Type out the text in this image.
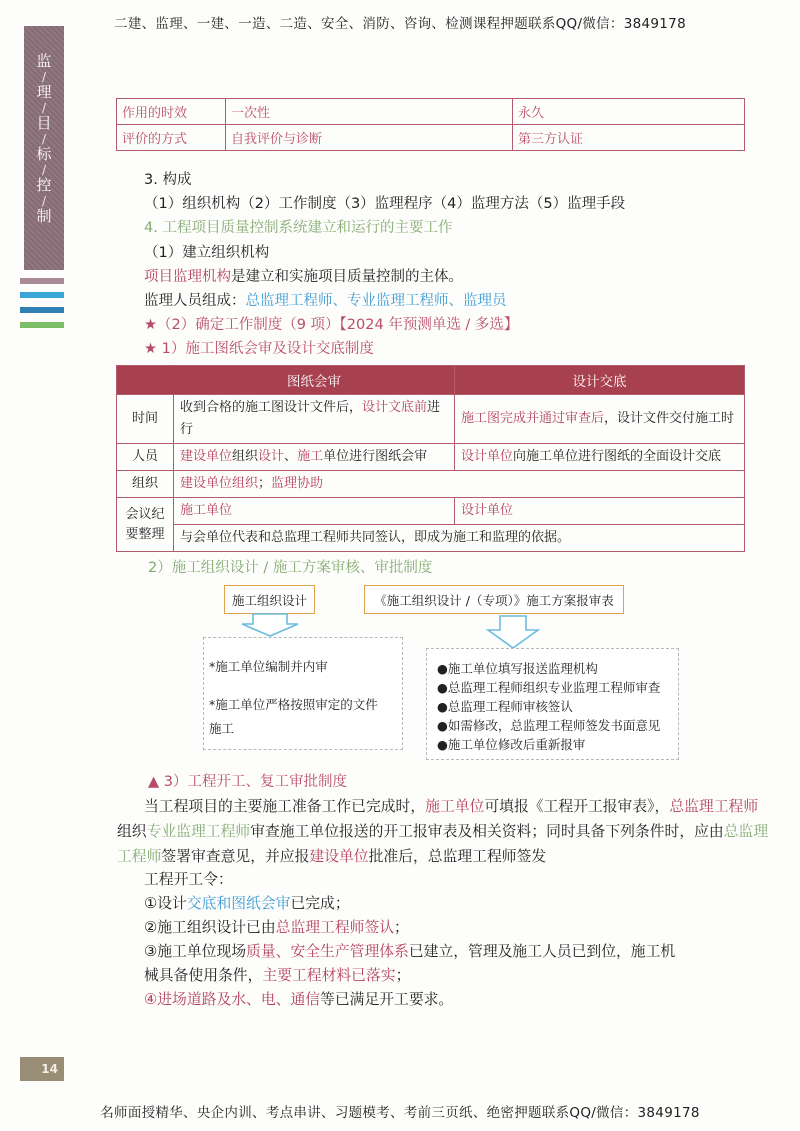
二建、监理、一建、一造、二造、安全、消防、咨询、检测课程押题联系QQ/微信：3849178
名师面授精华、央企内训、考点串讲、习题模考、考前三页纸、绝密押题联系QQ/微信：3849178
监
/
理
/
目
/
标
/
控
/
制
作用的时效	一次性	永久
评价的方式	自我评价与诊断	第三方认证
3. 构成
（1）组织机构（2）工作制度（3）监理程序（4）监理方法（5）监理手段
4. 工程项目质量控制系统建立和运行的主要工作
（1）建立组织机构
项目监理机构是建立和实施项目质量控制的主体。
监理人员组成：总监理工程师、专业监理工程师、监理员
★（2）确定工作制度（9 项）【2024 年预测单选 / 多选】
★ 1）施工图纸会审及设计交底制度
	图纸会审	设计交底
时间	收到合格的施工图设计文件后，设计文底前进行	施工图完成并通过审查后，设计文件交付施工时
人员	建设单位组织设计、施工单位进行图纸会审	设计单位向施工单位进行图纸的全面设计交底
组织	建设单位组织；监理协助	
会议纪
要整理	施工单位	设计单位
	与会单位代表和总监理工程师共同签认，即成为施工和监理的依据。	
2）施工组织设计 / 施工方案审核、审批制度
施工组织设计	《施工组织设计 /（专项）》施工方案报审表
*施工单位编制并内审
*施工单位严格按照审定的文件
施工
●施工单位填写报送监理机构
●总监理工程师组织专业监理工程师审查
●总监理工程师审核签认
●如需修改，总监理工程师签发书面意见
●施工单位修改后重新报审
▲ 3）工程开工、复工审批制度
当工程项目的主要施工准备工作已完成时，施工单位可填报《工程开工报审表》，总监理工程师
组织专业监理工程师审查施工单位报送的开工报审表及相关资料；同时具备下列条件时，应由总监理
工程师签署审查意见，并应报建设单位批准后，总监理工程师签发
工程开工令：
①设计交底和图纸会审已完成；
②施工组织设计已由总监理工程师签认；
③施工单位现场质量、安全生产管理体系已建立，管理及施工人员已到位，施工机
械具备使用条件，主要工程材料已落实；
④进场道路及水、电、通信等已满足开工要求。
14
